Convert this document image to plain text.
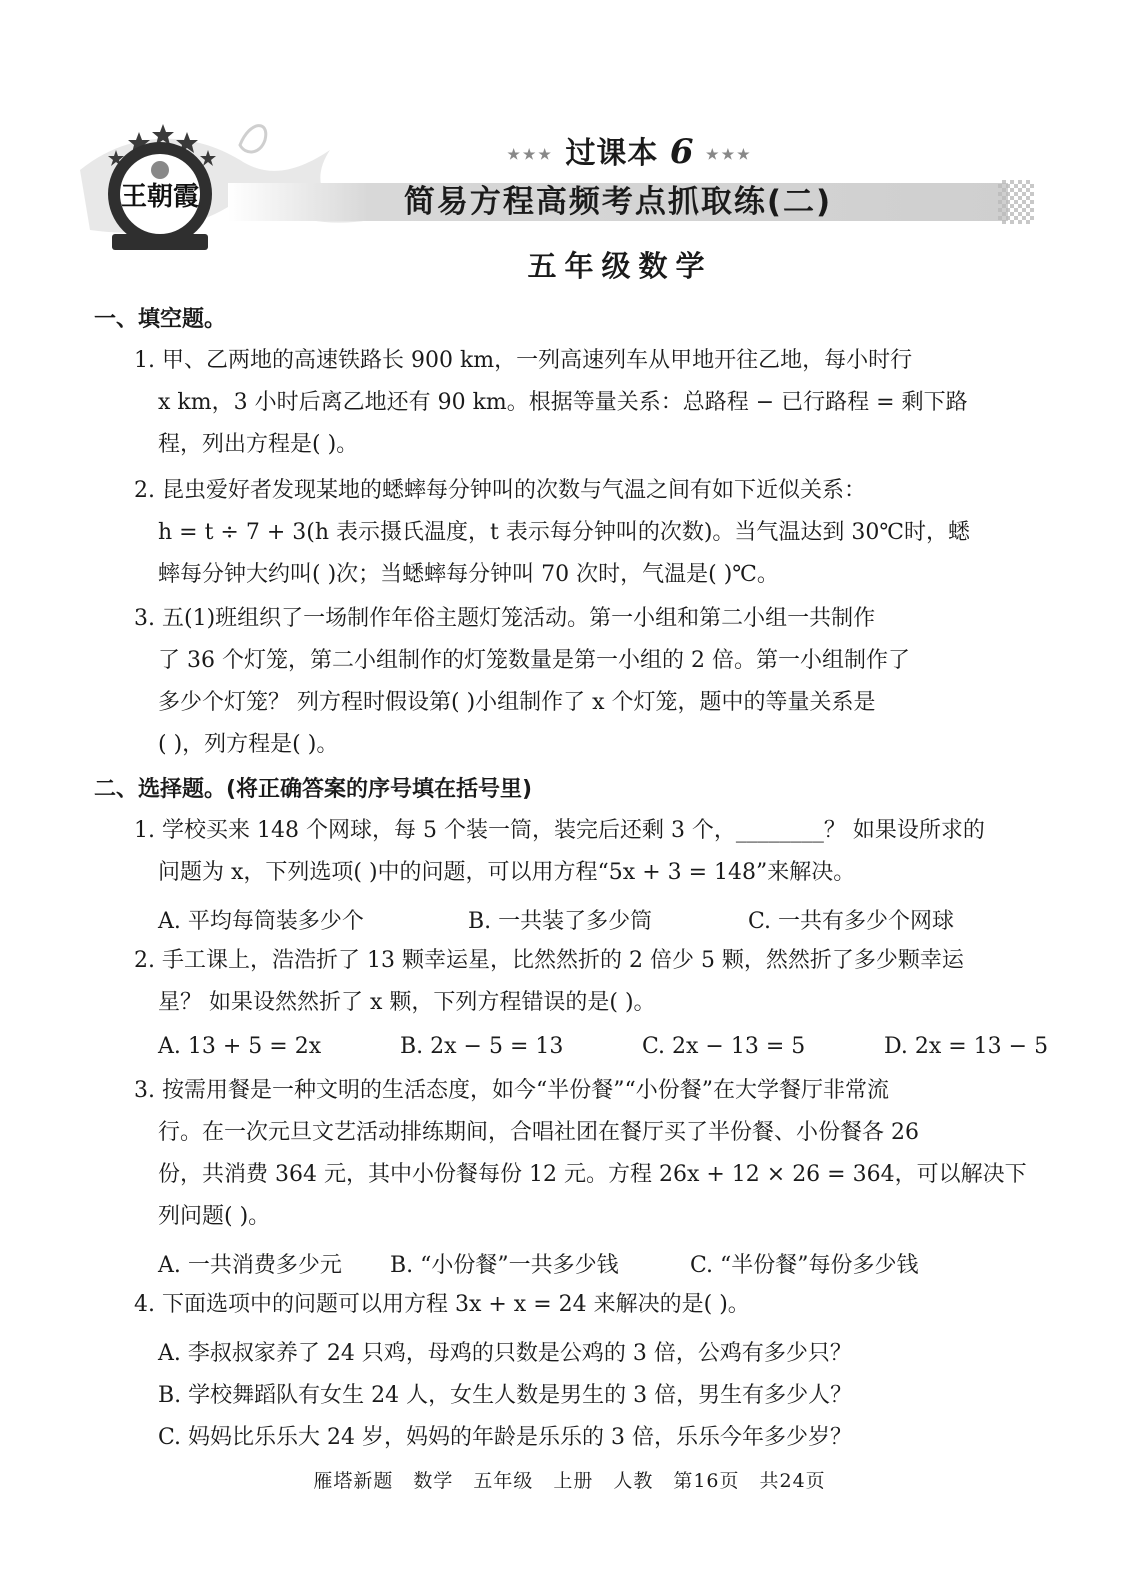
王朝霞
★★★ 过课本 6 ★★★
简易方程高频考点抓取练(二)
五年级数学
一、填空题。
1. 甲、乙两地的高速铁路长 900 km，一列高速列车从甲地开往乙地，每小时行
x km，3 小时后离乙地还有 90 km。根据等量关系：总路程 − 已行路程 = 剩下路
程，列出方程是( )。
2. 昆虫爱好者发现某地的蟋蟀每分钟叫的次数与气温之间有如下近似关系：
h = t ÷ 7 + 3(h 表示摄氏温度，t 表示每分钟叫的次数)。当气温达到 30℃时，蟋
蟀每分钟大约叫( )次；当蟋蟀每分钟叫 70 次时，气温是( )℃。
3. 五(1)班组织了一场制作年俗主题灯笼活动。第一小组和第二小组一共制作
了 36 个灯笼，第二小组制作的灯笼数量是第一小组的 2 倍。第一小组制作了
多少个灯笼？ 列方程时假设第( )小组制作了 x 个灯笼，题中的等量关系是
( )，列方程是( )。
二、选择题。(将正确答案的序号填在括号里)
1. 学校买来 148 个网球，每 5 个装一筒，装完后还剩 3 个，________？ 如果设所求的
问题为 x，下列选项( )中的问题，可以用方程“5x + 3 = 148”来解决。
A. 平均每筒装多少个	B. 一共装了多少筒	C. 一共有多少个网球
2. 手工课上，浩浩折了 13 颗幸运星，比然然折的 2 倍少 5 颗，然然折了多少颗幸运
星？ 如果设然然折了 x 颗，下列方程错误的是( )。
A. 13 + 5 = 2x	B. 2x − 5 = 13	C. 2x − 13 = 5	D. 2x = 13 − 5
3. 按需用餐是一种文明的生活态度，如今“半份餐”“小份餐”在大学餐厅非常流
行。在一次元旦文艺活动排练期间，合唱社团在餐厅买了半份餐、小份餐各 26
份，共消费 364 元，其中小份餐每份 12 元。方程 26x + 12 × 26 = 364，可以解决下
列问题( )。
A. 一共消费多少元 B. “小份餐”一共多少钱	C. “半份餐”每份多少钱
4. 下面选项中的问题可以用方程 3x + x = 24 来解决的是( )。
A. 李叔叔家养了 24 只鸡，母鸡的只数是公鸡的 3 倍，公鸡有多少只？
B. 学校舞蹈队有女生 24 人，女生人数是男生的 3 倍，男生有多少人？
C. 妈妈比乐乐大 24 岁，妈妈的年龄是乐乐的 3 倍，乐乐今年多少岁？
雁塔新题　数学　五年级　上册　人教　第16页　共24页
